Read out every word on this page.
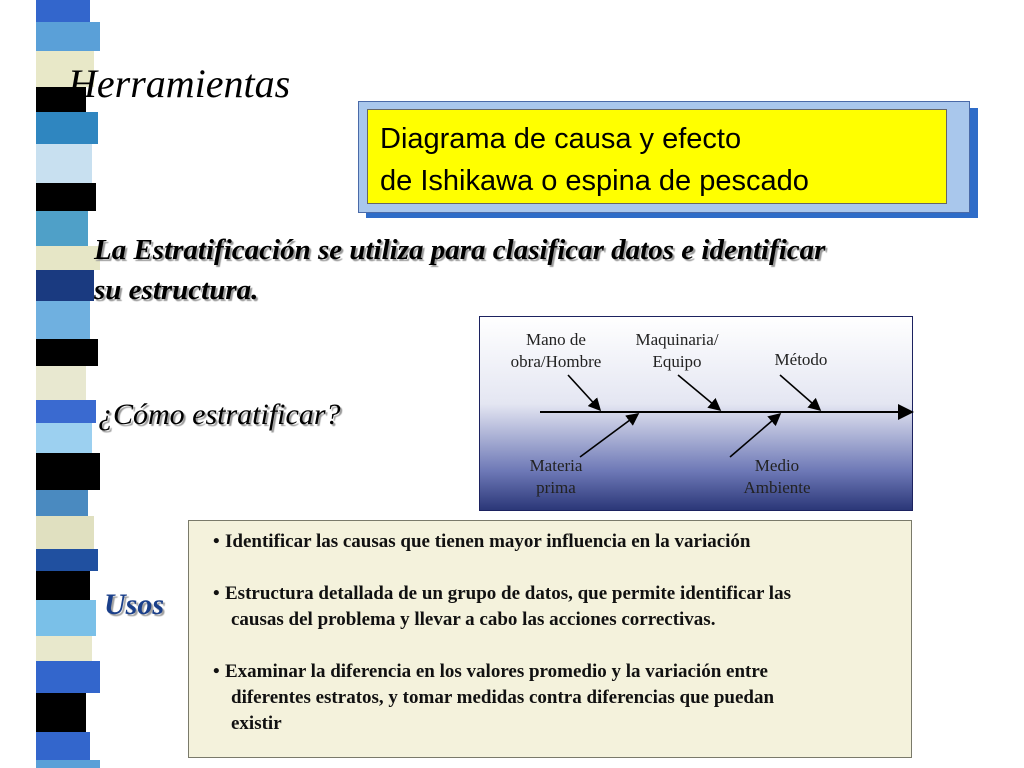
Herramientas
Diagrama de causa y efecto
de Ishikawa o espina de pescado
La Estratificación se utiliza para clasificar datos e identificar
su estructura.
¿Cómo estratificar?
Mano de
obra/Hombre
Maquinaria/
Equipo	Método
Materia
prima
Medio
Ambiente
Usos
• Identificar las causas que tienen mayor influencia en la variación
• Estructura detallada de un grupo de datos, que permite identificar las
causas del problema y llevar a cabo las acciones correctivas.
• Examinar la diferencia en los valores promedio y la variación entre
diferentes estratos, y tomar medidas contra diferencias que puedan
existir
